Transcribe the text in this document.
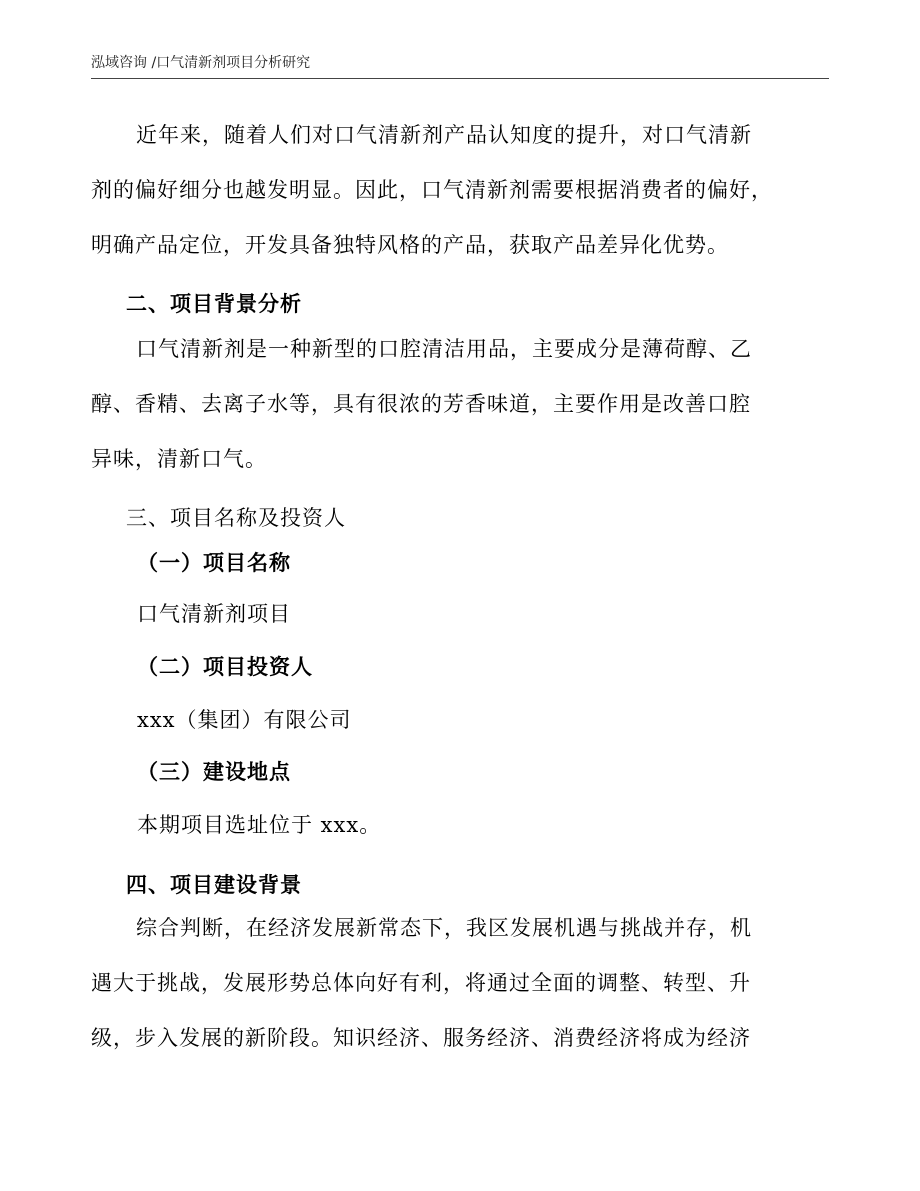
泓域咨询 /口气清新剂项目分析研究
近年来，随着人们对口气清新剂产品认知度的提升，对口气清新
剂的偏好细分也越发明显。因此，口气清新剂需要根据消费者的偏好，
明确产品定位，开发具备独特风格的产品，获取产品差异化优势。
二、项目背景分析
口气清新剂是一种新型的口腔清洁用品，主要成分是薄荷醇、乙
醇、香精、去离子水等，具有很浓的芳香味道，主要作用是改善口腔
异味，清新口气。
三、项目名称及投资人
（一）项目名称
口气清新剂项目
（二）项目投资人
xxx（集团）有限公司
（三）建设地点
本期项目选址位于 xxx。
四、项目建设背景
综合判断，在经济发展新常态下，我区发展机遇与挑战并存，机
遇大于挑战，发展形势总体向好有利，将通过全面的调整、转型、升
级，步入发展的新阶段。知识经济、服务经济、消费经济将成为经济
